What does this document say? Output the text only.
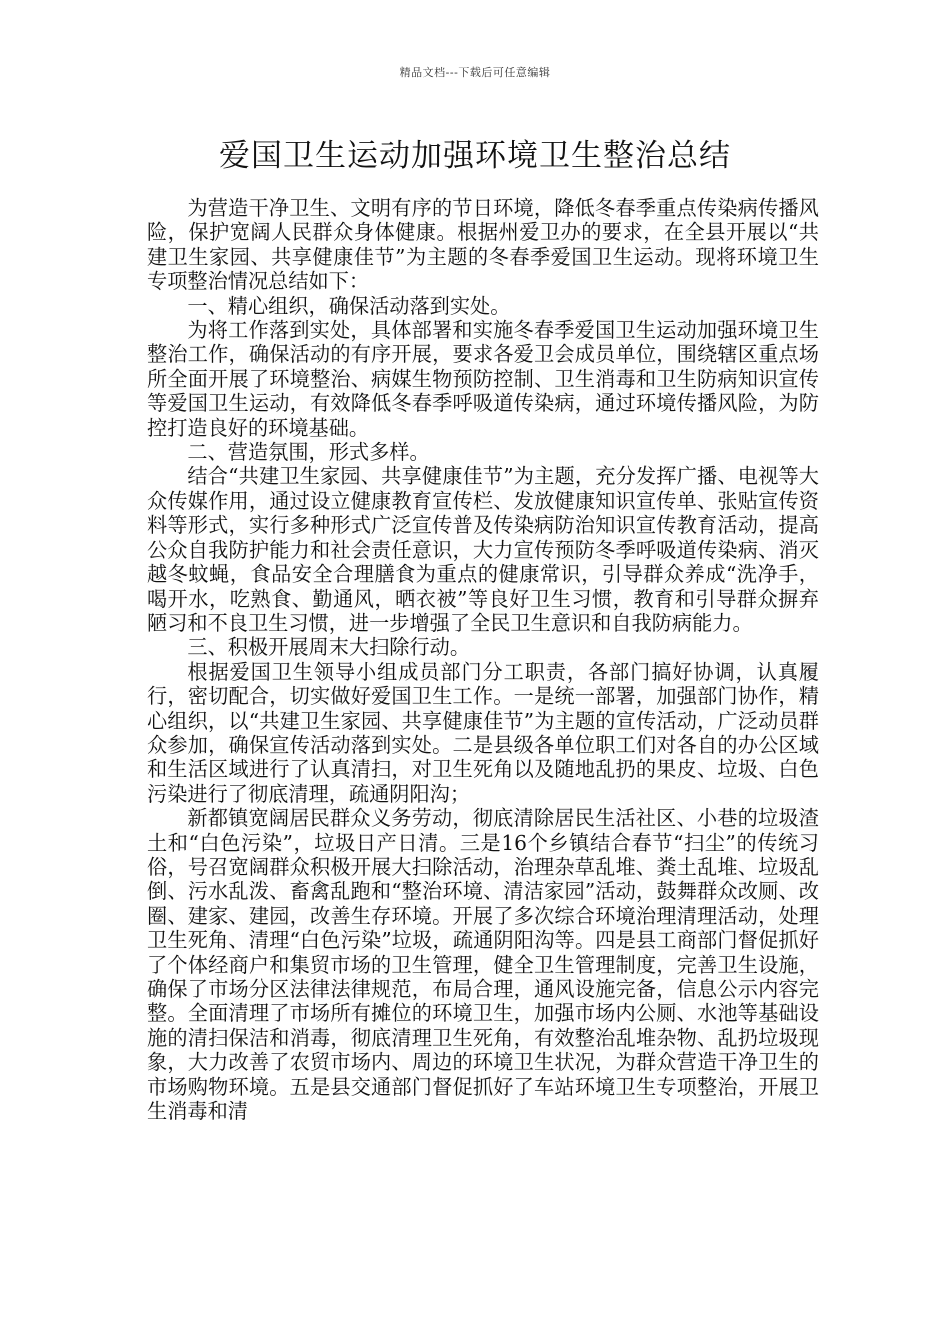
精品文档---下载后可任意编辑
爱国卫生运动加强环境卫生整治总结

为营造干净卫生、文明有序的节日环境，降低冬春季重点传染病传播风险，保护宽阔人民群众身体健康。根据州爱卫办的要求，在全县开展以“共建卫生家园、共享健康佳节”为主题的冬春季爱国卫生运动。现将环境卫生专项整治情况总结如下：

一、精心组织，确保活动落到实处。

为将工作落到实处，具体部署和实施冬春季爱国卫生运动加强环境卫生整治工作，确保活动的有序开展，要求各爱卫会成员单位，围绕辖区重点场所全面开展了环境整治、病媒生物预防控制、卫生消毒和卫生防病知识宣传等爱国卫生运动，有效降低冬春季呼吸道传染病，通过环境传播风险，为防控打造良好的环境基础。

二、营造氛围，形式多样。

结合“共建卫生家园、共享健康佳节”为主题，充分发挥广播、电视等大众传媒作用，通过设立健康教育宣传栏、发放健康知识宣传单、张贴宣传资料等形式，实行多种形式广泛宣传普及传染病防治知识宣传教育活动，提高公众自我防护能力和社会责任意识，大力宣传预防冬季呼吸道传染病、消灭越冬蚊蝇，食品安全合理膳食为重点的健康常识，引导群众养成“洗净手，喝开水，吃熟食、勤通风，晒衣被”等良好卫生习惯，教育和引导群众摒弃陋习和不良卫生习惯，进一步增强了全民卫生意识和自我防病能力。

三、积极开展周末大扫除行动。

根据爱国卫生领导小组成员部门分工职责，各部门搞好协调，认真履行，密切配合，切实做好爱国卫生工作。一是统一部署，加强部门协作，精心组织，以“共建卫生家园、共享健康佳节”为主题的宣传活动，广泛动员群众参加，确保宣传活动落到实处。二是县级各单位职工们对各自的办公区域和生活区域进行了认真清扫，对卫生死角以及随地乱扔的果皮、垃圾、白色污染进行了彻底清理，疏通阴阳沟；

新都镇宽阔居民群众义务劳动，彻底清除居民生活社区、小巷的垃圾渣土和“白色污染”，垃圾日产日清。三是16个乡镇结合春节“扫尘”的传统习俗，号召宽阔群众积极开展大扫除活动，治理杂草乱堆、粪土乱堆、垃圾乱倒、污水乱泼、畜禽乱跑和“整治环境、清洁家园”活动，鼓舞群众改厕、改圈、建家、建园，改善生存环境。开展了多次综合环境治理清理活动，处理卫生死角、清理“白色污染”垃圾，疏通阴阳沟等。四是县工商部门督促抓好了个体经商户和集贸市场的卫生管理，健全卫生管理制度，完善卫生设施，确保了市场分区法律法律规范，布局合理，通风设施完备，信息公示内容完整。全面清理了市场所有摊位的环境卫生，加强市场内公厕、水池等基础设施的清扫保洁和消毒，彻底清理卫生死角，有效整治乱堆杂物、乱扔垃圾现象，大力改善了农贸市场内、周边的环境卫生状况，为群众营造干净卫生的市场购物环境。五是县交通部门督促抓好了车站环境卫生专项整治，开展卫生消毒和清
